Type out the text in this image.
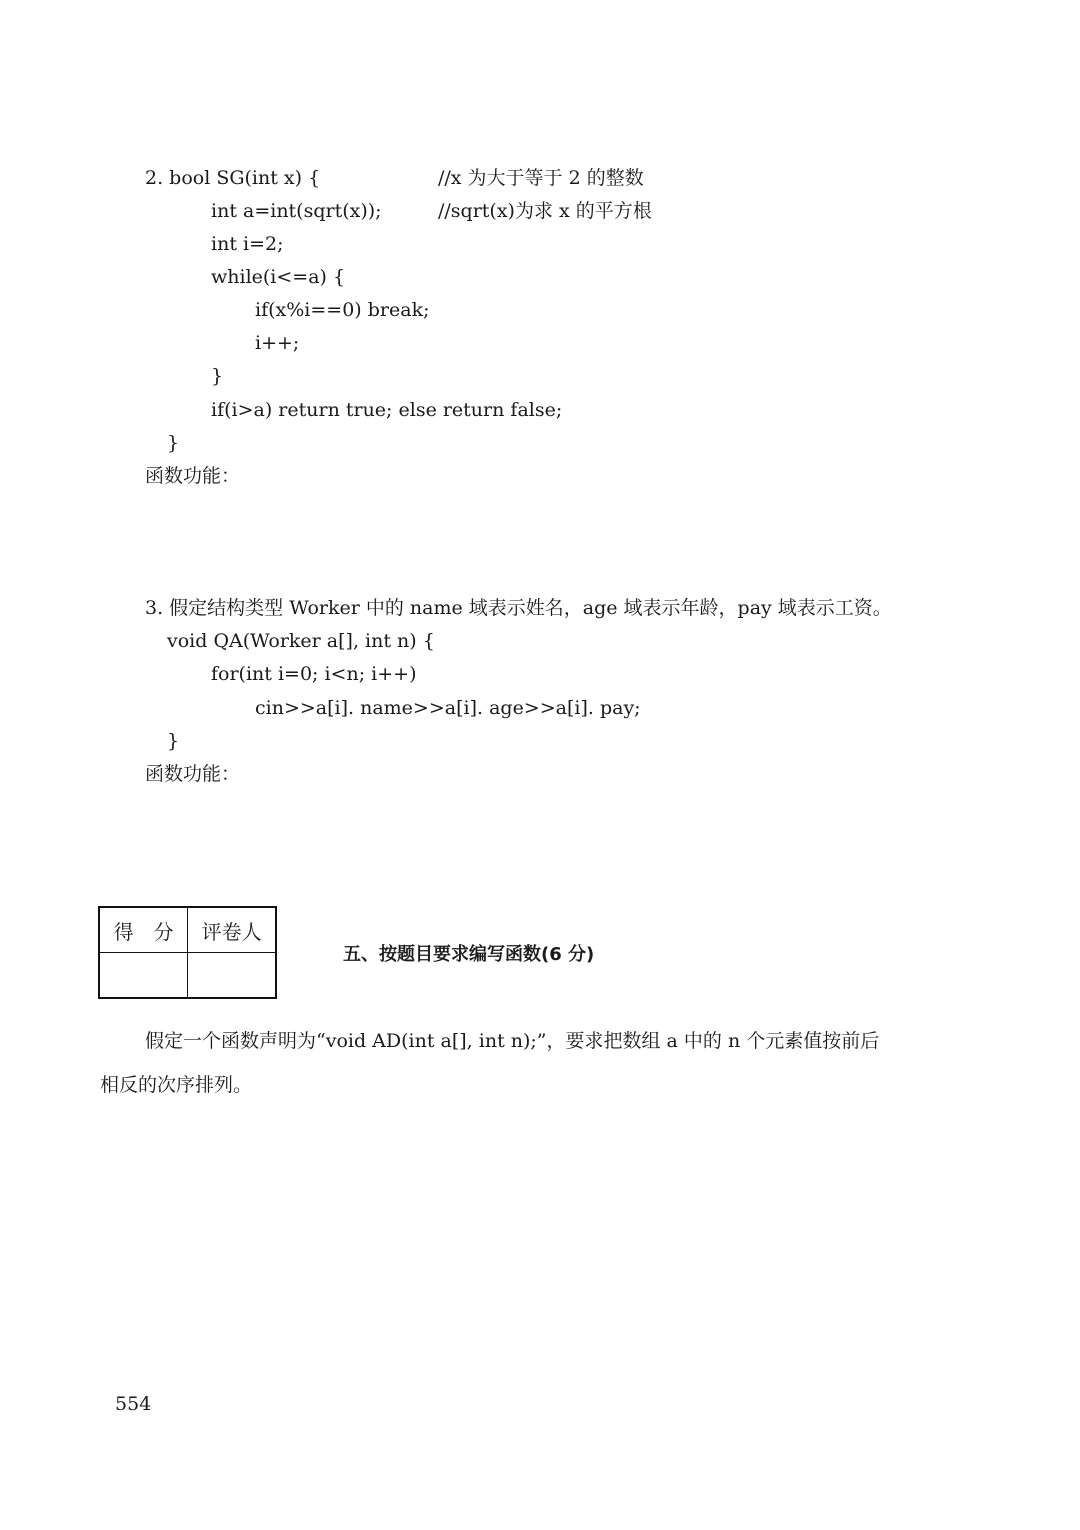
2. bool SG(int x) {	//x 为大于等于 2 的整数
int a=int(sqrt(x));	//sqrt(x)为求 x 的平方根
int i=2;
while(i<=a) {
if(x%i==0) break;
i++;
}
if(i>a) return true; else return false;
}
函数功能：
3. 假定结构类型 Worker 中的 name 域表示姓名，age 域表示年龄，pay 域表示工资。
void QA(Worker a[], int n) {
for(int i=0; i<n; i++)
cin>>a[i]. name>>a[i]. age>>a[i]. pay;
}
函数功能：
得　分	评卷人

五、按题目要求编写函数(6 分)
假定一个函数声明为“void AD(int a[], int n);”，要求把数组 a 中的 n 个元素值按前后
相反的次序排列。
554
